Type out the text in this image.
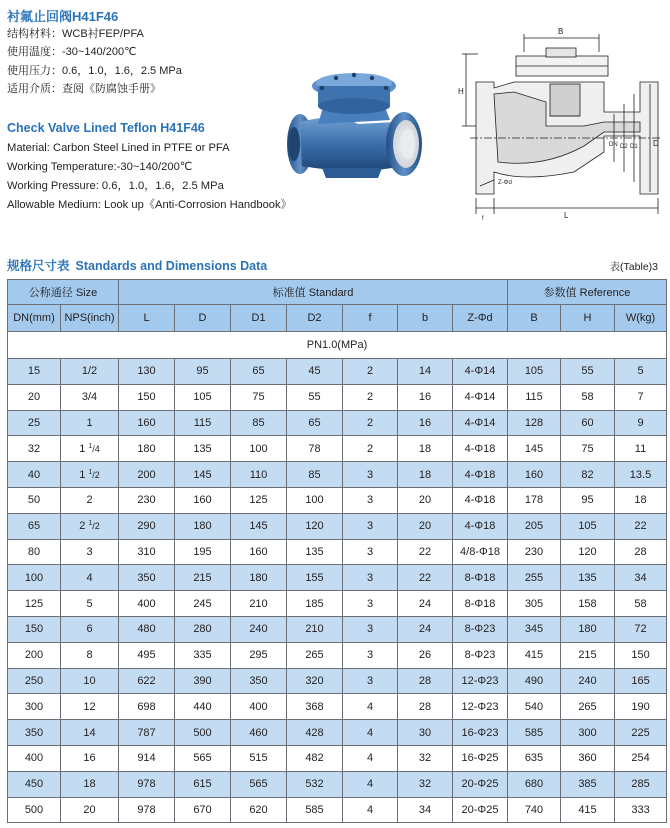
衬氟止回阀H41F46
结构材料：WCB衬FEP/PFA
使用温度：-30~140/200℃
使用压力：0.6，1.0，1.6，2.5 MPa
适用介质：查阅《防腐蚀手册》
Check Valve Lined Teflon H41F46
Material: Carbon Steel Lined in PTFE or PFA
Working Temperature:-30~140/200℃
Working Pressure: 0.6，1.0，1.6，2.5 MPa
Allowable Medium: Look up《Anti-Corrosion Handbook》
B
H
DN D2 D1 D
f
Z-Φd
L
规格尺寸表 Standards and Dimensions Data	表(Table)3
公称通径 Size		标准值 Standard							参数值 Reference		
DN(mm)	NPS(inch)	L	D	D1	D2	f	b	Z-Φd	B	H	W(kg)
PN1.0(MPa)											
15	1/2	130	95	65	45	2	14	4-Φ14	105	55	5
20	3/4	150	105	75	55	2	16	4-Φ14	115	58	7
25	1	160	115	85	65	2	16	4-Φ14	128	60	9
32	1 $^1$/4	180	135	100	78	2	18	4-Φ18	145	75	11
40	1 $^1$/2	200	145	110	85	3	18	4-Φ18	160	82	13.5
50	2	230	160	125	100	3	20	4-Φ18	178	95	18
65	2 $^1$/2	290	180	145	120	3	20	4-Φ18	205	105	22
80	3	310	195	160	135	3	22	4/8-Φ18	230	120	28
100	4	350	215	180	155	3	22	8-Φ18	255	135	34
125	5	400	245	210	185	3	24	8-Φ18	305	158	58
150	6	480	280	240	210	3	24	8-Φ23	345	180	72
200	8	495	335	295	265	3	26	8-Φ23	415	215	150
250	10	622	390	350	320	3	28	12-Φ23	490	240	165
300	12	698	440	400	368	4	28	12-Φ23	540	265	190
350	14	787	500	460	428	4	30	16-Φ23	585	300	225
400	16	914	565	515	482	4	32	16-Φ25	635	360	254
450	18	978	615	565	532	4	32	20-Φ25	680	385	285
500	20	978	670	620	585	4	34	20-Φ25	740	415	333
